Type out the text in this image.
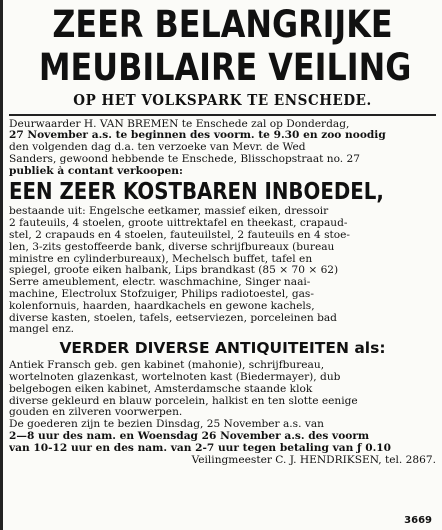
ZEER BELANGRIJKE
MEUBILAIRE VEILING
OP HET VOLKSPARK TE ENSCHEDE.
Deurwaarder H. VAN BREMEN te Enschede zal op Donderdag,
27 November a.s. te beginnen des voorm. te 9.30 en zoo noodig
den volgenden dag d.a. ten verzoeke van Mevr. de Wed
Sanders, gewoond hebbende te Enschede, Blisschopstraat no. 27
publiek à contant verkoopen:
EEN ZEER KOSTBAREN INBOEDEL,
bestaande uit: Engelsche eetkamer, massief eiken, dressoir
2 fauteuils, 4 stoelen, groote uittrektafel en theekast, crapaud-
stel, 2 crapauds en 4 stoelen, fauteuilstel, 2 fauteuils en 4 stoe-
len, 3-zits gestoffeerde bank, diverse schrijfbureaux (bureau
ministre en cylinderbureaux), Mechelsch buffet, tafel en
spiegel, groote eiken halbank, Lips brandkast (85 × 70 × 62)
Serre ameublement, electr. waschmachine, Singer naai-
machine, Electrolux Stofzuiger, Philips radiotoestel, gas-
kolenfornuis, haarden, haardkachels en gewone kachels,
diverse kasten, stoelen, tafels, eetserviezen, porceleinen bad
mangel enz.
VERDER DIVERSE ANTIQUITEITEN als:
Antiek Fransch geb. gen kabinet (mahonie), schrijfbureau,
wortelnoten glazenkast, wortelnoten kast (Biedermayer), dub
belgebogen eiken kabinet, Amsterdamsche staande klok
diverse gekleurd en blauw porcelein, halkist en ten slotte eenige
gouden en zilveren voorwerpen.
De goederen zijn te bezien Dinsdag, 25 November a.s. van
2—8 uur des nam. en Woensdag 26 November a.s. des voorm
van 10-12 uur en des nam. van 2-7 uur tegen betaling van ƒ 0.10
Veilingmeester C. J. HENDRIKSEN, tel. 2867.
3669
